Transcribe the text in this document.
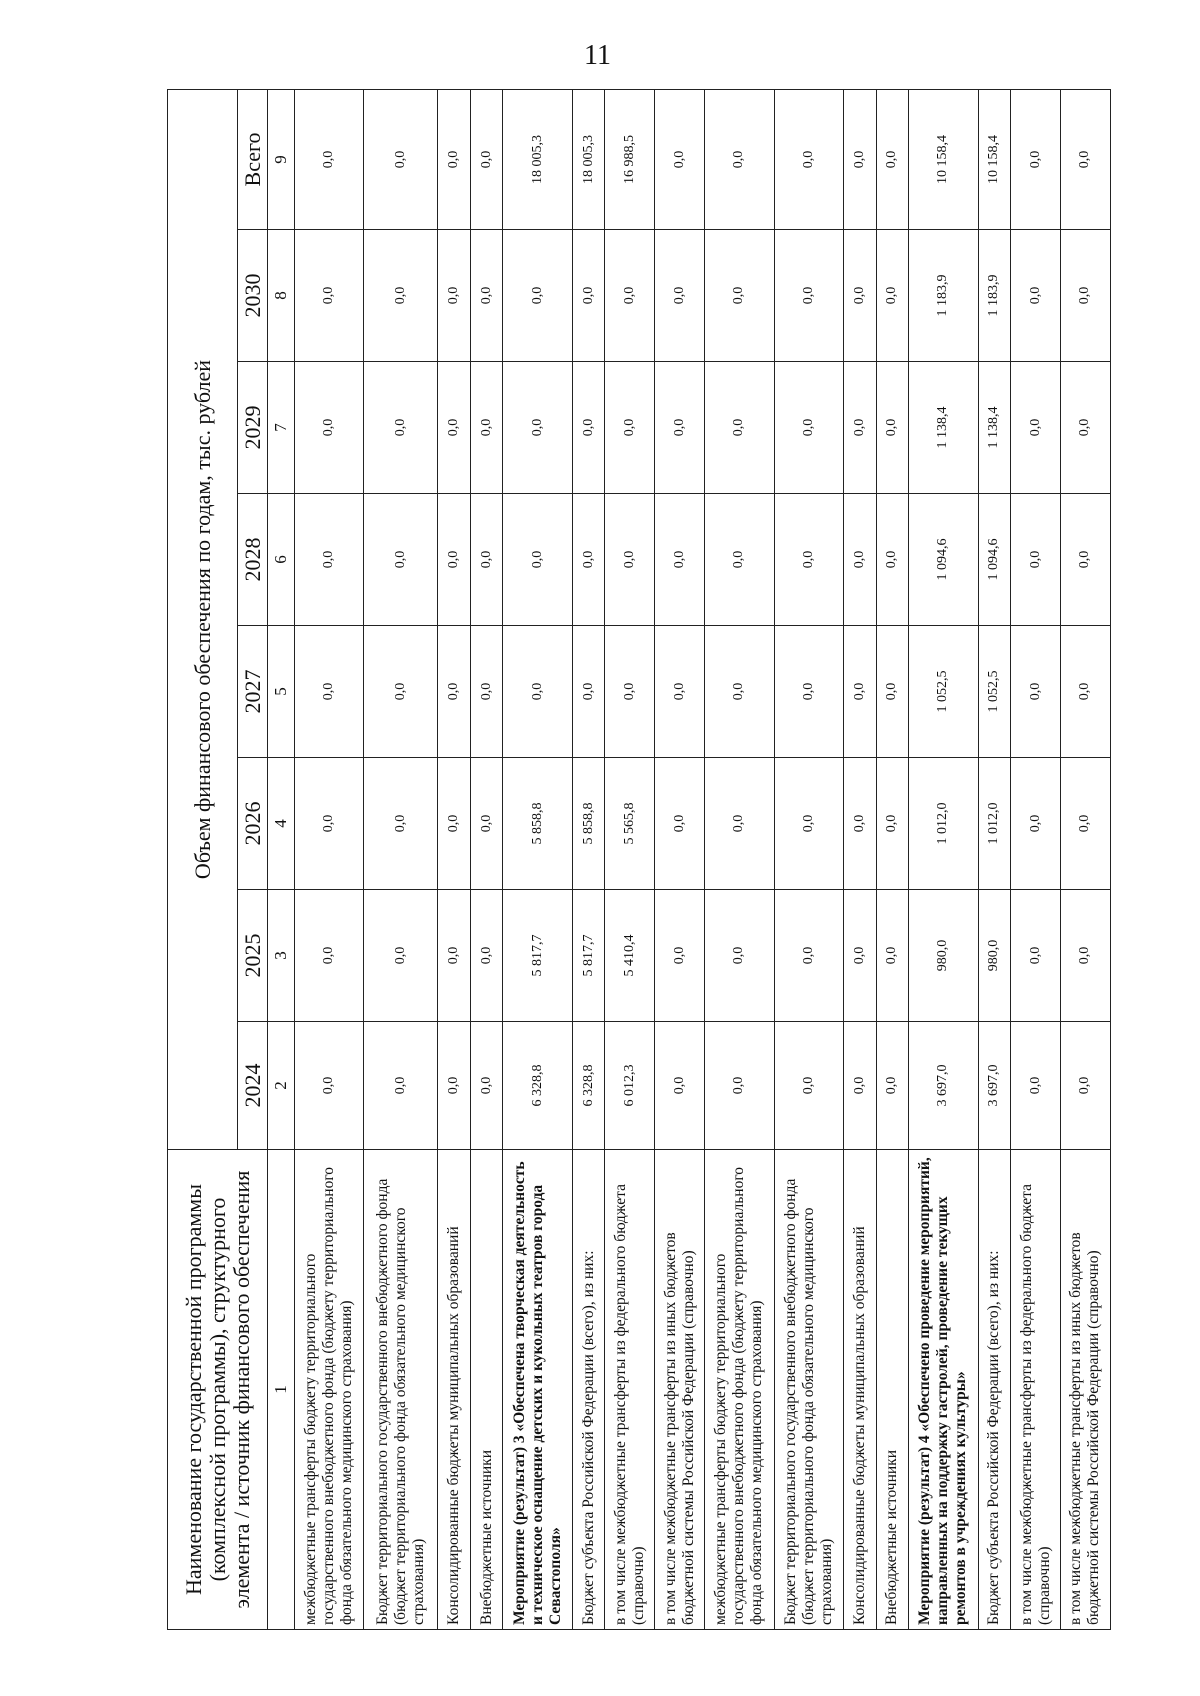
11
Наименование государственной программы (комплексной программы), структурного элемента / источник финансового обеспечения	Объем финансового обеспечения по годам, тыс. рублей							
	2024	2025	2026	2027	2028	2029	2030	Всего
1	2	3	4	5	6	7	8	9
межбюджетные трансферты бюджету территориального государственного внебюджетного фонда (бюджету территориального фонда обязательного медицинского страхования)	0,0	0,0	0,0	0,0	0,0	0,0	0,0	0,0
Бюджет территориального государственного внебюджетного фонда (бюджет территориального фонда обязательного медицинского страхования)	0,0	0,0	0,0	0,0	0,0	0,0	0,0	0,0
Консолидированные бюджеты муниципальных образований	0,0	0,0	0,0	0,0	0,0	0,0	0,0	0,0
Внебюджетные источники	0,0	0,0	0,0	0,0	0,0	0,0	0,0	0,0
Мероприятие (результат) 3 «Обеспечена творческая деятельность и техническое оснащение детских и кукольных театров города Севастополя»	6 328,8	5 817,7	5 858,8	0,0	0,0	0,0	0,0	18 005,3
Бюджет субъекта Российской Федерации (всего), из них:	6 328,8	5 817,7	5 858,8	0,0	0,0	0,0	0,0	18 005,3
в том числе межбюджетные трансферты из федерального бюджета (справочно)	6 012,3	5 410,4	5 565,8	0,0	0,0	0,0	0,0	16 988,5
в том числе межбюджетные трансферты из иных бюджетов бюджетной системы Российской Федерации (справочно)	0,0	0,0	0,0	0,0	0,0	0,0	0,0	0,0
межбюджетные трансферты бюджету территориального государственного внебюджетного фонда (бюджету территориального фонда обязательного медицинского страхования)	0,0	0,0	0,0	0,0	0,0	0,0	0,0	0,0
Бюджет территориального государственного внебюджетного фонда (бюджет территориального фонда обязательного медицинского страхования)	0,0	0,0	0,0	0,0	0,0	0,0	0,0	0,0
Консолидированные бюджеты муниципальных образований	0,0	0,0	0,0	0,0	0,0	0,0	0,0	0,0
Внебюджетные источники	0,0	0,0	0,0	0,0	0,0	0,0	0,0	0,0
Мероприятие (результат) 4 «Обеспечено проведение мероприятий, направленных на поддержку гастролей, проведение текущих ремонтов в учреждениях культуры»	3 697,0	980,0	1 012,0	1 052,5	1 094,6	1 138,4	1 183,9	10 158,4
Бюджет субъекта Российской Федерации (всего), из них:	3 697,0	980,0	1 012,0	1 052,5	1 094,6	1 138,4	1 183,9	10 158,4
в том числе межбюджетные трансферты из федерального бюджета (справочно)	0,0	0,0	0,0	0,0	0,0	0,0	0,0	0,0
в том числе межбюджетные трансферты из иных бюджетов бюджетной системы Российской Федерации (справочно)	0,0	0,0	0,0	0,0	0,0	0,0	0,0	0,0
